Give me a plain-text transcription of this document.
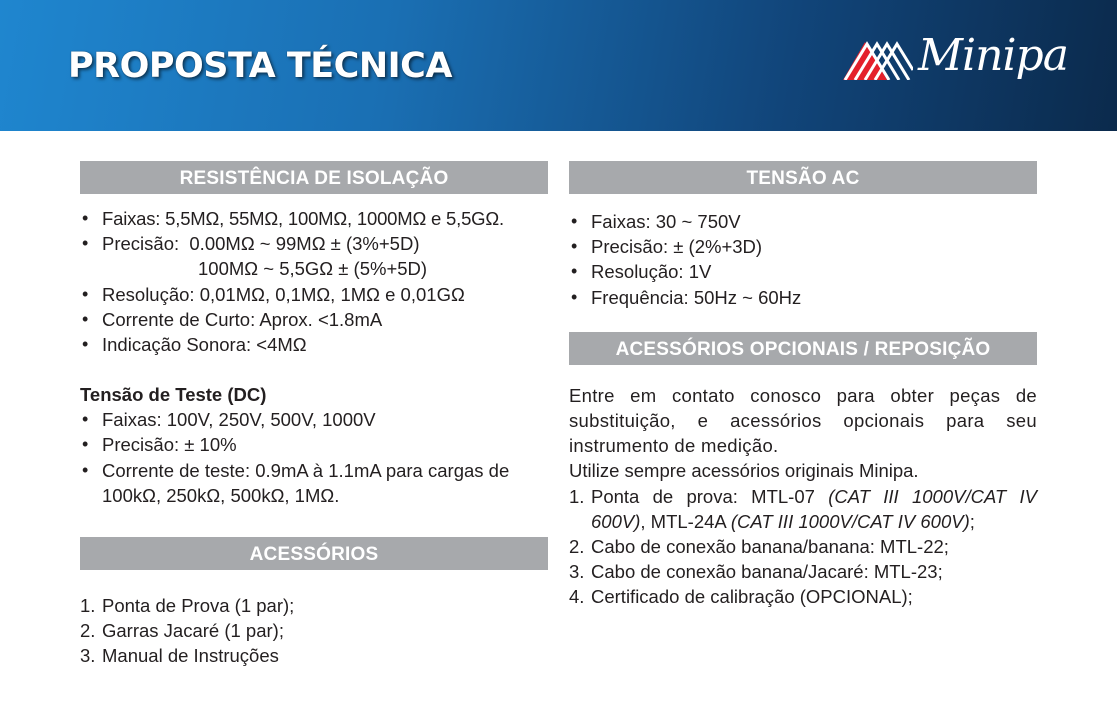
PROPOSTA TÉCNICA	Minipa
RESISTÊNCIA DE ISOLAÇÃO
• Faixas: 5,5MΩ, 55MΩ, 100MΩ, 1000MΩ e 5,5GΩ.
• Precisão:  0.00MΩ ~ 99MΩ ± (3%+5D)
100MΩ ~ 5,5GΩ ± (5%+5D)
• Resolução: 0,01MΩ, 0,1MΩ, 1MΩ e 0,01GΩ
• Corrente de Curto: Aprox. <1.8mA
• Indicação Sonora: <4MΩ
Tensão de Teste (DC)
• Faixas: 100V, 250V, 500V, 1000V
• Precisão: ± 10%
• Corrente de teste: 0.9mA à 1.1mA para cargas de 100kΩ, 250kΩ, 500kΩ, 1MΩ.
ACESSÓRIOS
1. Ponta de Prova (1 par);
2. Garras Jacaré (1 par);
3. Manual de Instruções
TENSÃO AC
• Faixas: 30 ~ 750V
• Precisão: ± (2%+3D)
• Resolução: 1V
• Frequência: 50Hz ~ 60Hz
ACESSÓRIOS OPCIONAIS / REPOSIÇÃO
Entre em contato conosco para obter peças de substituição, e acessórios opcionais para seu instrumento de medição.
Utilize sempre acessórios originais Minipa.
1. Ponta de prova: MTL-07 (CAT III 1000V/CAT IV 600V), MTL-24A (CAT III 1000V/CAT IV 600V);
2. Cabo de conexão banana/banana: MTL-22;
3. Cabo de conexão banana/Jacaré: MTL-23;
4. Certificado de calibração (OPCIONAL);
